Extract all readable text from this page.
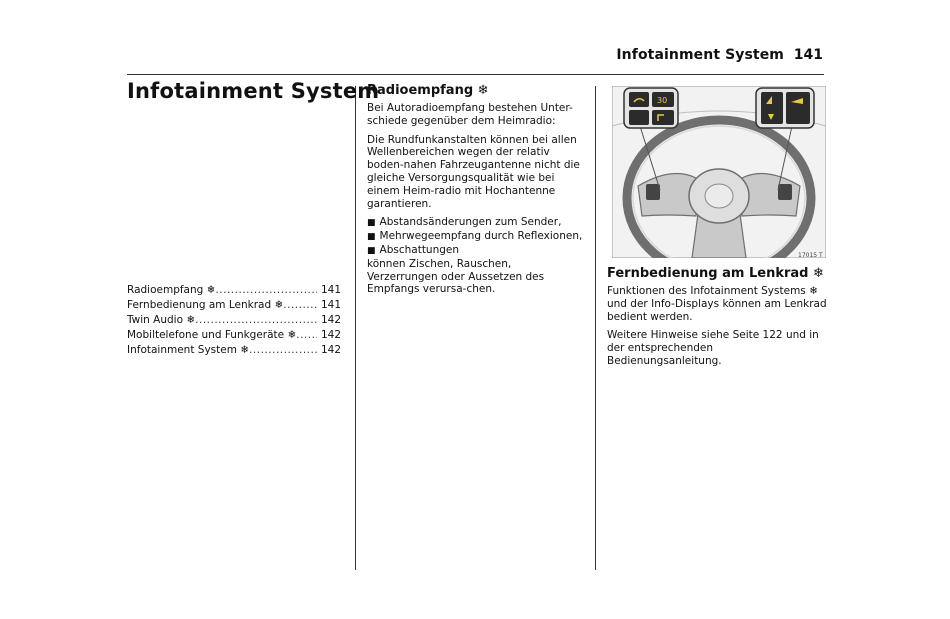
Infotainment System 141
Infotainment System
Radioempfang ❄ .....	141
Fernbedienung am Lenkrad ❄ .....	141
Twin Audio ❄ .....	142
Mobiltelefone und Funkgeräte ❄ .....	142
Infotainment System ❄ .....	142
Radioempfang ❄

Bei Autoradioempfang bestehen Unter-schiede gegenüber dem Heimradio:

Die Rundfunkanstalten können bei allen Wellenbereichen wegen der relativ boden-nahen Fahrzeugantenne nicht die gleiche Versorgungsqualität wie bei einem Heim-radio mit Hochantenne garantieren.

■ Abstandsänderungen zum Sender,

■ Mehrwegeempfang durch Reflexionen,

■ Abschattungen

können Zischen, Rauschen, Verzerrungen oder Aussetzen des Empfangs verursa-chen.

30
17015 T
Fernbedienung am Lenkrad ❄

Funktionen des Infotainment Systems ❄ und der Info-Displays können am Lenkrad bedient werden.

Weitere Hinweise siehe Seite 122 und in der entsprechenden Bedienungsanleitung.
